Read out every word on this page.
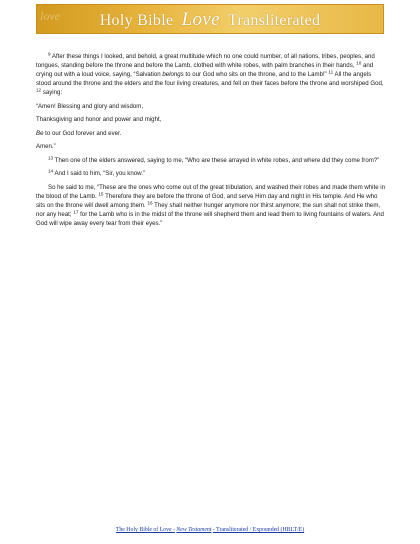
love	Holy Bible Love Transliterated

$^9$ After these things I looked, and behold, a great multitude which no one could number, of all nations, tribes, peoples, and tongues, standing before the throne and before the Lamb, clothed with white robes, with palm branches in their hands, $^{10}$ and crying out with a loud voice, saying, “Salvation belongs to our God who sits on the throne, and to the Lamb!” $^{11}$ All the angels stood around the throne and the elders and the four living creatures, and fell on their faces before the throne and worshiped God, $^{12}$ saying:

“Amen! Blessing and glory and wisdom,

Thanksgiving and honor and power and might,

Be to our God forever and ever.

Amen.”

$^{13}$ Then one of the elders answered, saying to me, “Who are these arrayed in white robes, and where did they come from?”

$^{14}$ And I said to him, “Sir, you know.”

So he said to me, “These are the ones who come out of the great tribulation, and washed their robes and made them white in the blood of the Lamb. $^{15}$ Therefore they are before the throne of God, and serve Him day and night in His temple. And He who sits on the throne will dwell among them. $^{16}$ They shall neither hunger anymore nor thirst anymore; the sun shall not strike them, nor any heat; $^{17}$ for the Lamb who is in the midst of the throne will shepherd them and lead them to living fountains of waters. And God will wipe away every tear from their eyes.”

The Holy Bible of Love - New Testament - Transliterated / Expounded (HBLT/E)
